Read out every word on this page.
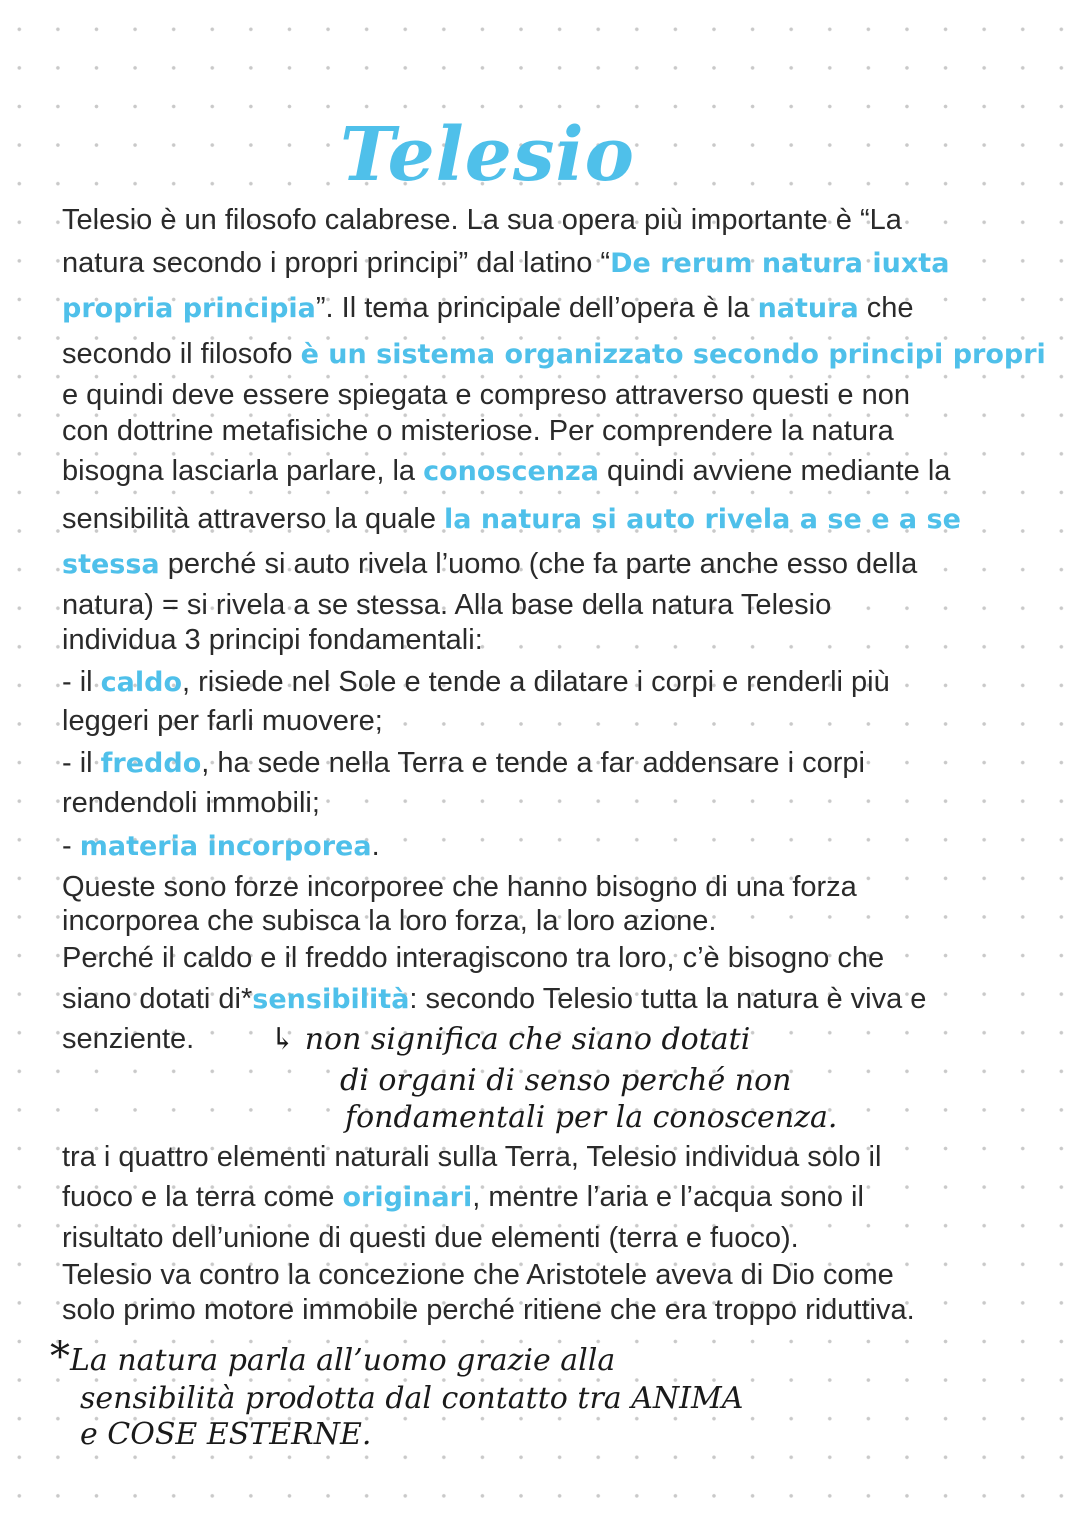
Telesio
Telesio è un filosofo calabrese. La sua opera più importante è “La
natura secondo i propri principi” dal latino “De rerum natura iuxta
propria principia”. Il tema principale dell’opera è la natura che
secondo il filosofo è un sistema organizzato secondo principi propri
e quindi deve essere spiegata e compreso attraverso questi e non
con dottrine metafisiche o misteriose. Per comprendere la natura
bisogna lasciarla parlare, la conoscenza quindi avviene mediante la
sensibilità attraverso la quale la natura si auto rivela a se e a se
stessa perché si auto rivela l’uomo (che fa parte anche esso della
natura) = si rivela a se stessa. Alla base della natura Telesio
individua 3 principi fondamentali:
- il caldo, risiede nel Sole e tende a dilatare i corpi e renderli più
leggeri per farli muovere;
- il freddo, ha sede nella Terra e tende a far addensare i corpi
rendendoli immobili;
- materia incorporea.
Queste sono forze incorporee che hanno bisogno di una forza
incorporea che subisca la loro forza, la loro azione.
Perché il caldo e il freddo interagiscono tra loro, c’è bisogno che
siano dotati di*sensibilità: secondo Telesio tutta la natura è viva e
senziente.	↳ non significa che siano dotati
di organi di senso perché non
fondamentali per la conoscenza.
tra i quattro elementi naturali sulla Terra, Telesio individua solo il
fuoco e la terra come originari, mentre l’aria e l’acqua sono il
risultato dell’unione di questi due elementi (terra e fuoco).
Telesio va contro la concezione che Aristotele aveva di Dio come
solo primo motore immobile perché ritiene che era troppo riduttiva.
*La natura parla all’uomo grazie alla
sensibilità prodotta dal contatto tra ANIMA
e COSE ESTERNE.
